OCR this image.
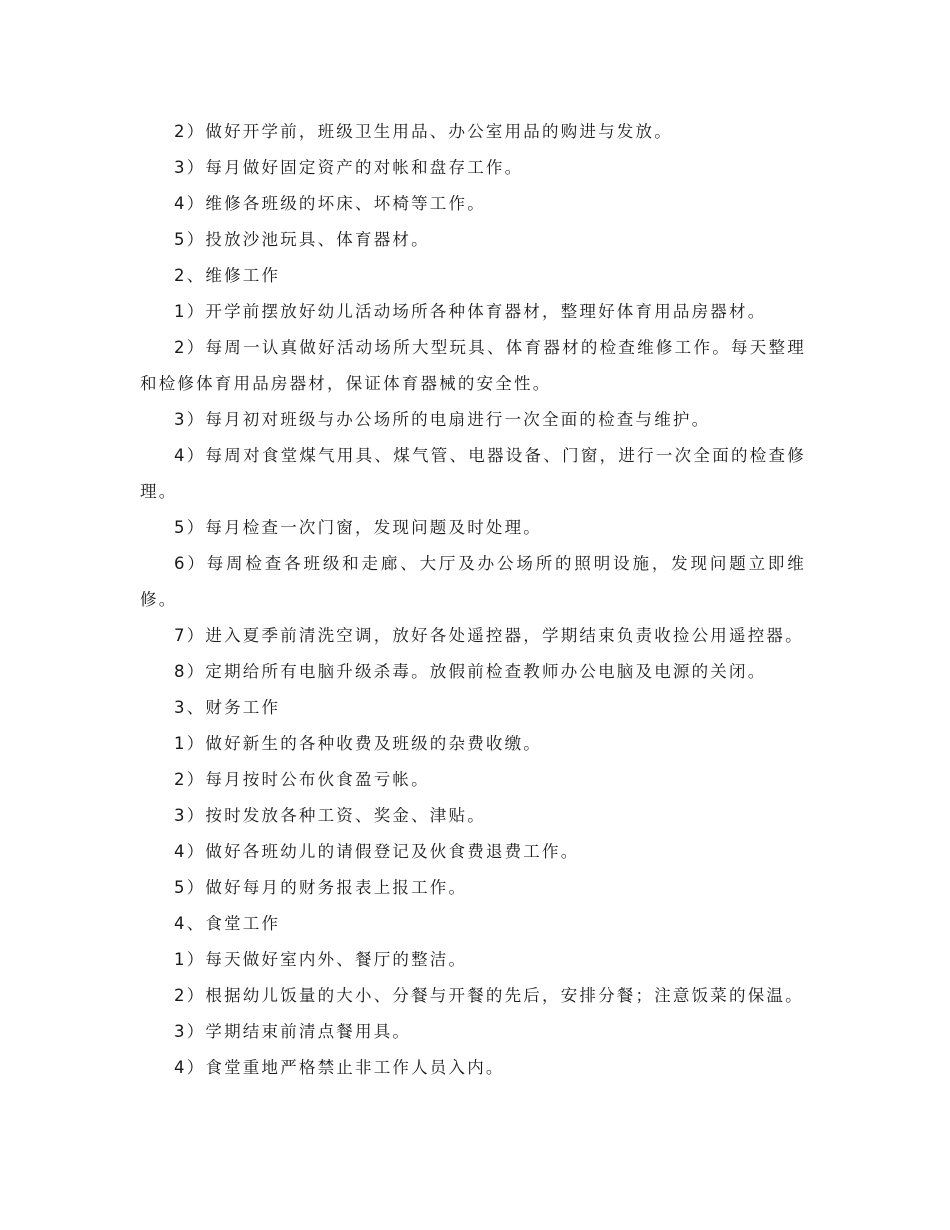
2）做好开学前，班级卫生用品、办公室用品的购进与发放。

3）每月做好固定资产的对帐和盘存工作。

4）维修各班级的坏床、坏椅等工作。

5）投放沙池玩具、体育器材。

2、维修工作

1）开学前摆放好幼儿活动场所各种体育器材，整理好体育用品房器材。

2）每周一认真做好活动场所大型玩具、体育器材的检查维修工作。每天整理和检修体育用品房器材，保证体育器械的安全性。

3）每月初对班级与办公场所的电扇进行一次全面的检查与维护。

4）每周对食堂煤气用具、煤气管、电器设备、门窗，进行一次全面的检查修理。

5）每月检查一次门窗，发现问题及时处理。

6）每周检查各班级和走廊、大厅及办公场所的照明设施，发现问题立即维修。

7）进入夏季前清洗空调，放好各处遥控器，学期结束负责收捡公用遥控器。

8）定期给所有电脑升级杀毒。放假前检查教师办公电脑及电源的关闭。

3、财务工作

1）做好新生的各种收费及班级的杂费收缴。

2）每月按时公布伙食盈亏帐。

3）按时发放各种工资、奖金、津贴。

4）做好各班幼儿的请假登记及伙食费退费工作。

5）做好每月的财务报表上报工作。

4、食堂工作

1）每天做好室内外、餐厅的整洁。

2）根据幼儿饭量的大小、分餐与开餐的先后，安排分餐；注意饭菜的保温。

3）学期结束前清点餐用具。

4）食堂重地严格禁止非工作人员入内。
